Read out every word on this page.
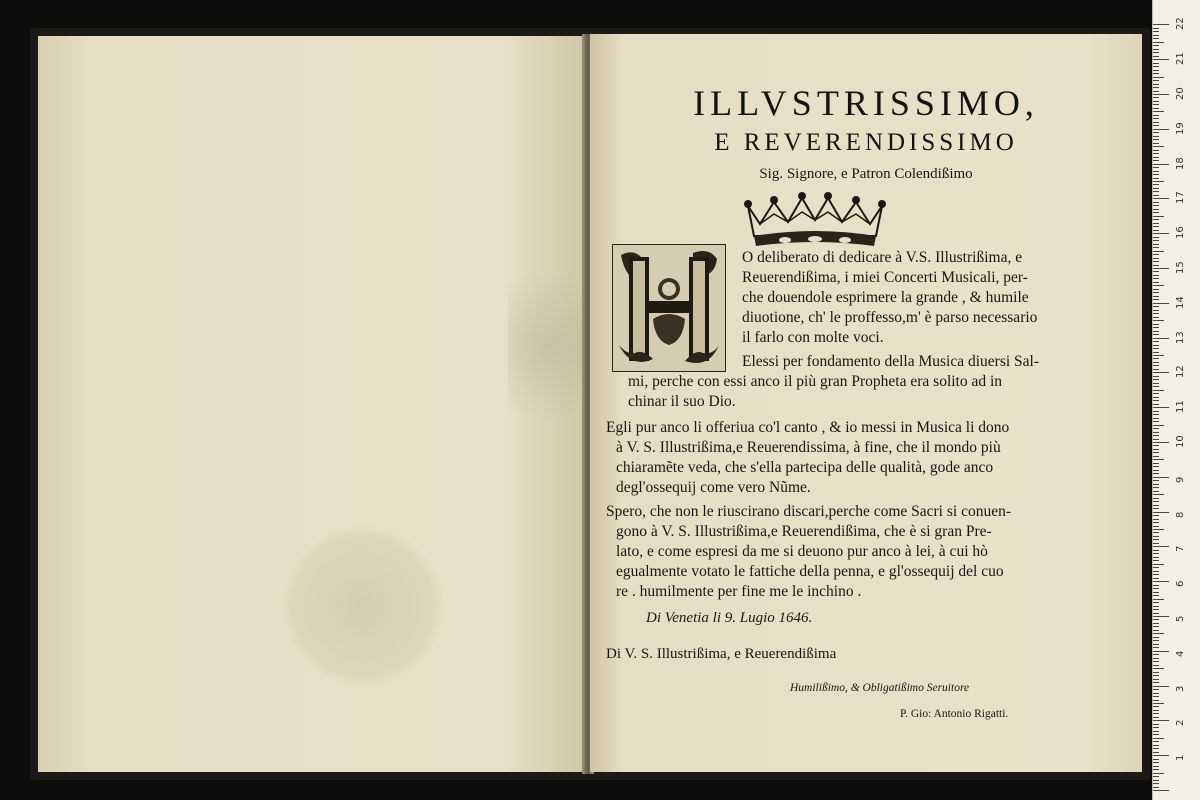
ILLVSTRISSIMO,
E REVERENDISSIMO
Sig. Signore, e Patron Colendißimo
O deliberato di dedicare à V.S. Illustrißima, e
Reuerendißima, i miei Concerti Musicali, per-
che douendole esprimere la grande , & humile
diuotione, ch' le proffesso,m' è parso necessario
il farlo con molte voci.
Elessi per fondamento della Musica diuersi Sal-
mi, perche con essi anco il più gran Propheta era solito ad in
chinar il suo Dio.
Egli pur anco li offeriua co'l canto , & io messi in Musica li dono
à V. S. Illustrißima,e Reuerendissima, à fine, che il mondo più
chiaramẽte veda, che s'ella partecipa delle qualità, gode anco
degl'ossequij come vero Nũme.
Spero, che non le riuscirano discari,perche come Sacri si conuen-
gono à V. S. Illustrißima,e Reuerendißima, che è si gran Pre-
lato, e come espresi da me si deuono pur anco à lei, à cui hò
egualmente votato le fattiche della penna, e gl'ossequij del cuo
re . humilmente per fine me le inchino .
Di Venetia li 9. Lugio 1646.
Di V. S. Illustrißima, e Reuerendißima
Humilißimo, & Obligatißimo Seruitore
P. Gio: Antonio Rigatti.
1
2
3
4
5
6
7
8
9
10
11
12
13
14
15
16
17
18
19
20
21
22
